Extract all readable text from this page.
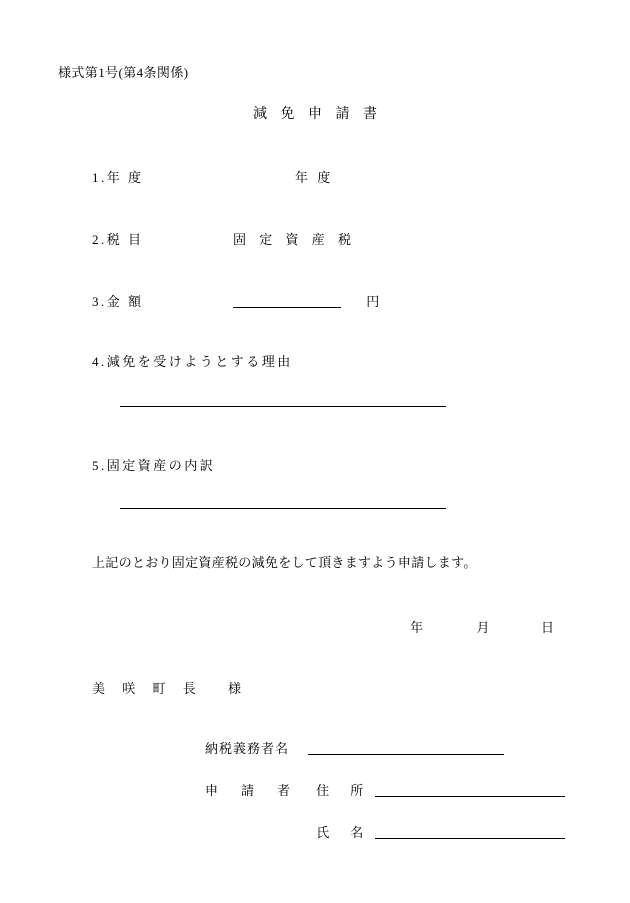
様式第1号(第4条関係)
減 免 申 請 書
1.年 度	年 度
2.税 目	固 定 資 産 税
3.金 額	円
4.減免を受けようとする理由
5.固定資産の内訳
上記のとおり固定資産税の減免をして頂きますよう申請します。
年	月	日
美 咲 町 長 様
納税義務者名
申　請　者 住　所
氏　名
